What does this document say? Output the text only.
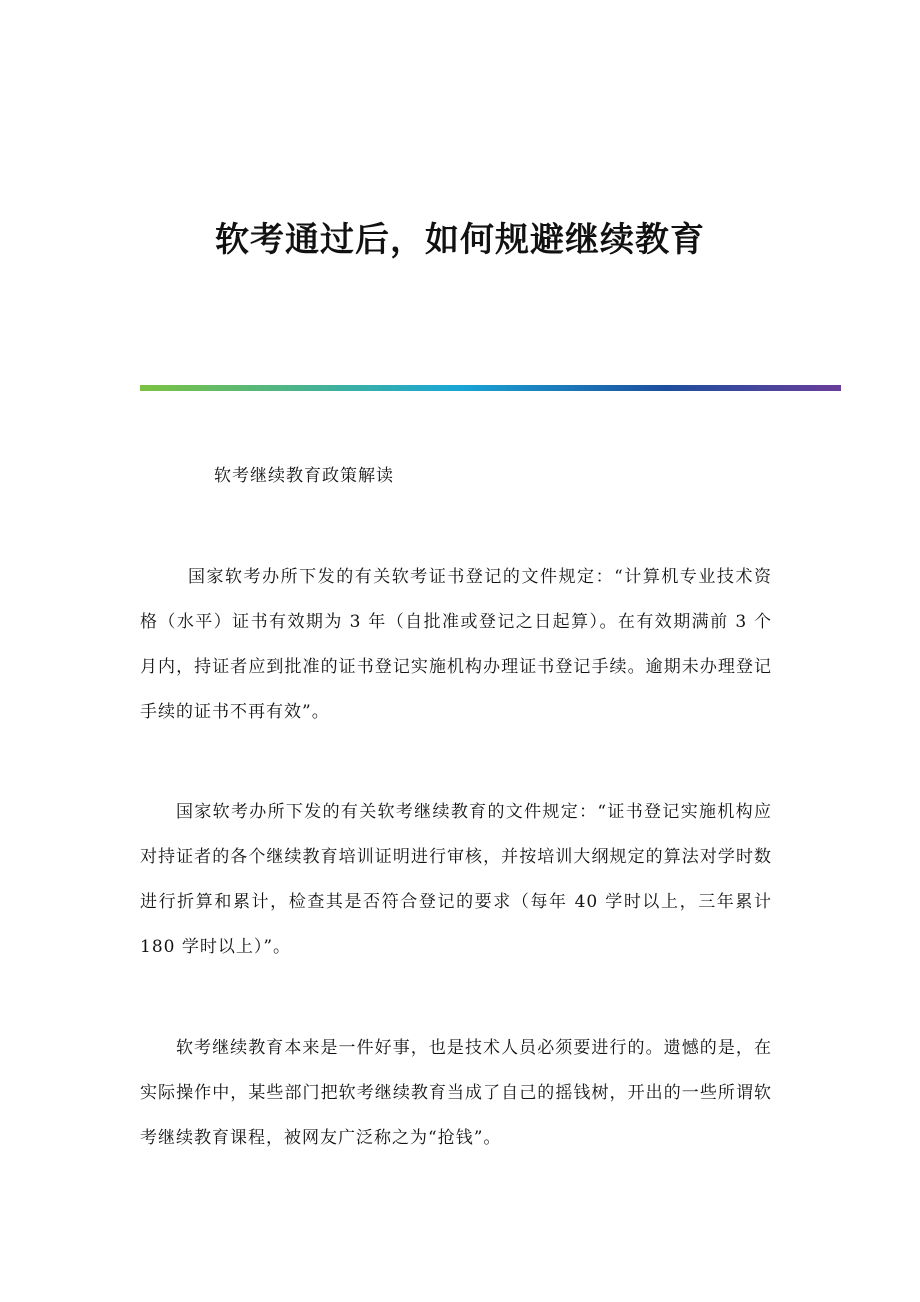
软考通过后，如何规避继续教育

软考继续教育政策解读

国家软考办所下发的有关软考证书登记的文件规定：“计算机专业技术资格（水平）证书有效期为 3 年（自批准或登记之日起算）。在有效期满前 3 个月内，持证者应到批准的证书登记实施机构办理证书登记手续。逾期未办理登记手续的证书不再有效”。

国家软考办所下发的有关软考继续教育的文件规定：“证书登记实施机构应对持证者的各个继续教育培训证明进行审核，并按培训大纲规定的算法对学时数进行折算和累计，检查其是否符合登记的要求（每年 40 学时以上，三年累计 180 学时以上）”。

软考继续教育本来是一件好事，也是技术人员必须要进行的。遗憾的是，在实际操作中，某些部门把软考继续教育当成了自己的摇钱树，开出的一些所谓软考继续教育课程，被网友广泛称之为“抢钱”。
